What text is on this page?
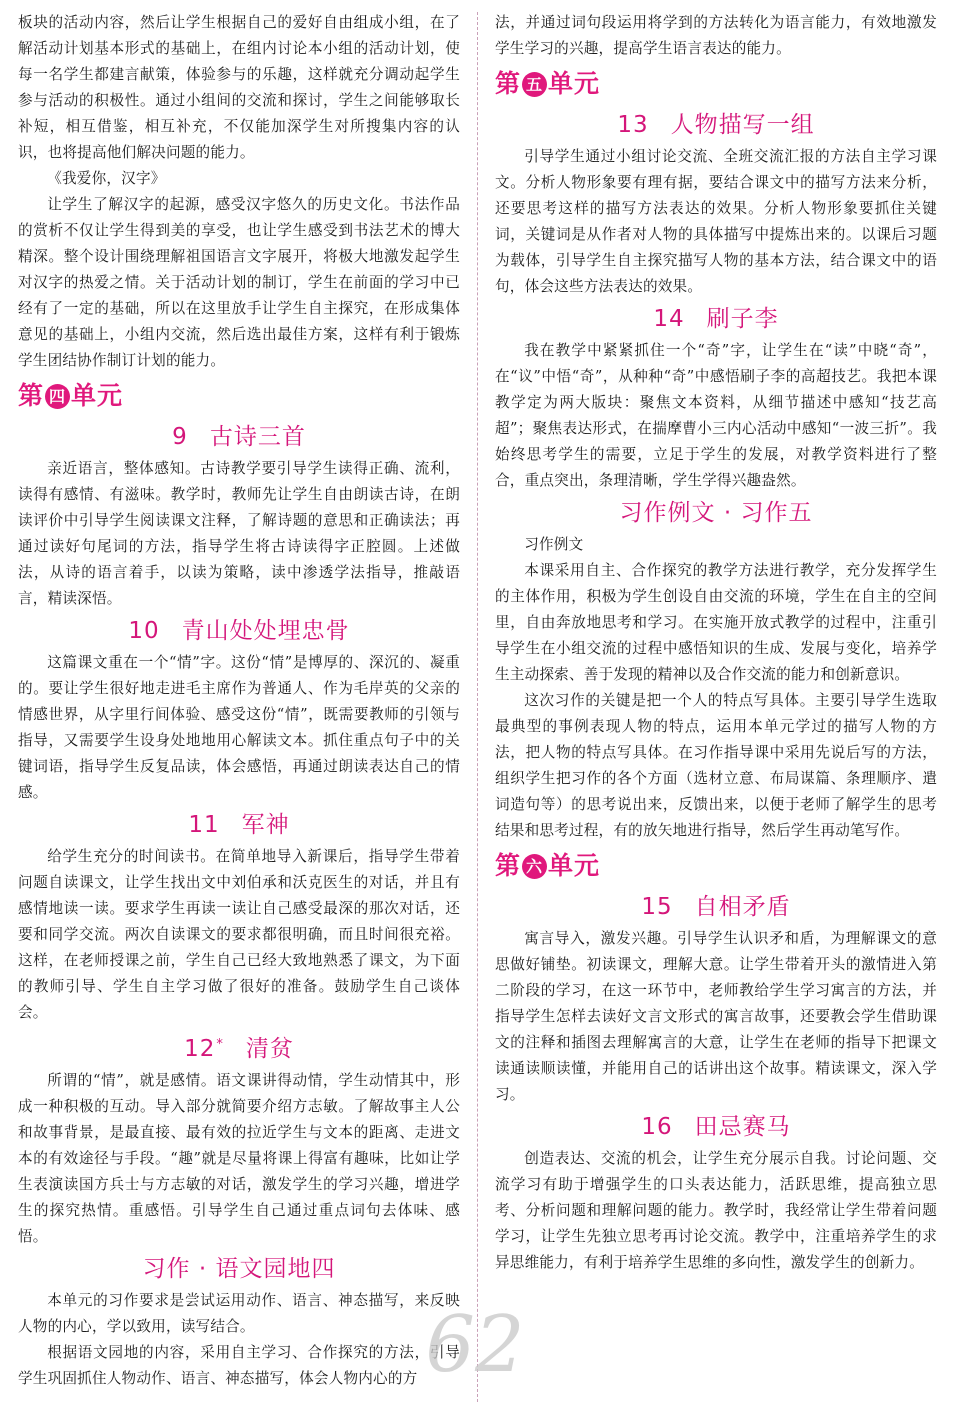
板块的活动内容，然后让学生根据自己的爱好自由组成小组，在了解活动计划基本形式的基础上，在组内讨论本小组的活动计划，使每一名学生都建言献策，体验参与的乐趣，这样就充分调动起学生参与活动的积极性。通过小组间的交流和探讨，学生之间能够取长补短，相互借鉴，相互补充，不仅能加深学生对所搜集内容的认识，也将提高他们解决问题的能力。

《我爱你，汉字》

让学生了解汉字的起源，感受汉字悠久的历史文化。书法作品的赏析不仅让学生得到美的享受，也让学生感受到书法艺术的博大精深。整个设计围绕理解祖国语言文字展开，将极大地激发起学生对汉字的热爱之情。关于活动计划的制订，学生在前面的学习中已经有了一定的基础，所以在这里放手让学生自主探究，在形成集体意见的基础上，小组内交流，然后选出最佳方案，这样有利于锻炼学生团结协作制订计划的能力。

第 四 单元
9 古诗三首

亲近语言，整体感知。古诗教学要引导学生读得正确、流利，读得有感情、有滋味。教学时，教师先让学生自由朗读古诗，在朗读评价中引导学生阅读课文注释，了解诗题的意思和正确读法；再通过读好句尾词的方法，指导学生将古诗读得字正腔圆。上述做法，从诗的语言着手，以读为策略，读中渗透学法指导，推敲语言，精读深悟。

10 青山处处埋忠骨

这篇课文重在一个“情”字。这份“情”是博厚的、深沉的、凝重的。要让学生很好地走进毛主席作为普通人、作为毛岸英的父亲的情感世界，从字里行间体验、感受这份“情”，既需要教师的引领与指导，又需要学生设身处地地用心解读文本。抓住重点句子中的关键词语，指导学生反复品读，体会感悟，再通过朗读表达自己的情感。

11 军神

给学生充分的时间读书。在简单地导入新课后，指导学生带着问题自读课文，让学生找出文中刘伯承和沃克医生的对话，并且有感情地读一读。要求学生再读一读让自己感受最深的那次对话，还要和同学交流。两次自读课文的要求都很明确，而且时间很充裕。这样，在老师授课之前，学生自己已经大致地熟悉了课文，为下面的教师引导、学生自主学习做了很好的准备。鼓励学生自己谈体会。

12* 清贫

所谓的“情”，就是感情。语文课讲得动情，学生动情其中，形成一种积极的互动。导入部分就简要介绍方志敏。了解故事主人公和故事背景，是最直接、最有效的拉近学生与文本的距离、走进文本的有效途径与手段。“趣”就是尽量将课上得富有趣味，比如让学生表演读国方兵士与方志敏的对话，激发学生的学习兴趣，增进学生的探究热情。重感悟。引导学生自己通过重点词句去体味、感悟。

习作 · 语文园地四

本单元的习作要求是尝试运用动作、语言、神态描写，来反映人物的内心，学以致用，读写结合。

根据语文园地的内容，采用自主学习、合作探究的方法，引导学生巩固抓住人物动作、语言、神态描写，体会人物内心的方

法，并通过词句段运用将学到的方法转化为语言能力，有效地激发学生学习的兴趣，提高学生语言表达的能力。

第 五 单元
13 人物描写一组

引导学生通过小组讨论交流、全班交流汇报的方法自主学习课文。分析人物形象要有理有据，要结合课文中的描写方法来分析，还要思考这样的描写方法表达的效果。分析人物形象要抓住关键词，关键词是从作者对人物的具体描写中提炼出来的。以课后习题为载体，引导学生自主探究描写人物的基本方法，结合课文中的语句，体会这些方法表达的效果。

14 刷子李

我在教学中紧紧抓住一个“奇”字，让学生在“读”中晓“奇”，在“议”中悟“奇”，从种种“奇”中感悟刷子李的高超技艺。我把本课教学定为两大版块：聚焦文本资料，从细节描述中感知“技艺高超”；聚焦表达形式，在揣摩曹小三内心活动中感知“一波三折”。我始终思考学生的需要，立足于学生的发展，对教学资料进行了整合，重点突出，条理清晰，学生学得兴趣盎然。

习作例文 · 习作五

习作例文

本课采用自主、合作探究的教学方法进行教学，充分发挥学生的主体作用，积极为学生创设自由交流的环境，学生在自主的空间里，自由奔放地思考和学习。在实施开放式教学的过程中，注重引导学生在小组交流的过程中感悟知识的生成、发展与变化，培养学生主动探索、善于发现的精神以及合作交流的能力和创新意识。

这次习作的关键是把一个人的特点写具体。主要引导学生选取最典型的事例表现人物的特点，运用本单元学过的描写人物的方法，把人物的特点写具体。在习作指导课中采用先说后写的方法，组织学生把习作的各个方面（选材立意、布局谋篇、条理顺序、遣词造句等）的思考说出来，反馈出来，以便于老师了解学生的思考结果和思考过程，有的放矢地进行指导，然后学生再动笔写作。

第 六 单元
15 自相矛盾

寓言导入，激发兴趣。引导学生认识矛和盾，为理解课文的意思做好铺垫。初读课文，理解大意。让学生带着开头的激情进入第二阶段的学习，在这一环节中，老师教给学生学习寓言的方法，并指导学生怎样去读好文言文形式的寓言故事，还要教会学生借助课文的注释和插图去理解寓言的大意，让学生在老师的指导下把课文读通读顺读懂，并能用自己的话讲出这个故事。精读课文，深入学习。

16 田忌赛马

创造表达、交流的机会，让学生充分展示自我。讨论问题、交流学习有助于增强学生的口头表达能力，活跃思维，提高独立思考、分析问题和理解问题的能力。教学时，我经常让学生带着问题学习，让学生先独立思考再讨论交流。教学中，注重培养学生的求异思维能力，有利于培养学生思维的多向性，激发学生的创新力。

62
